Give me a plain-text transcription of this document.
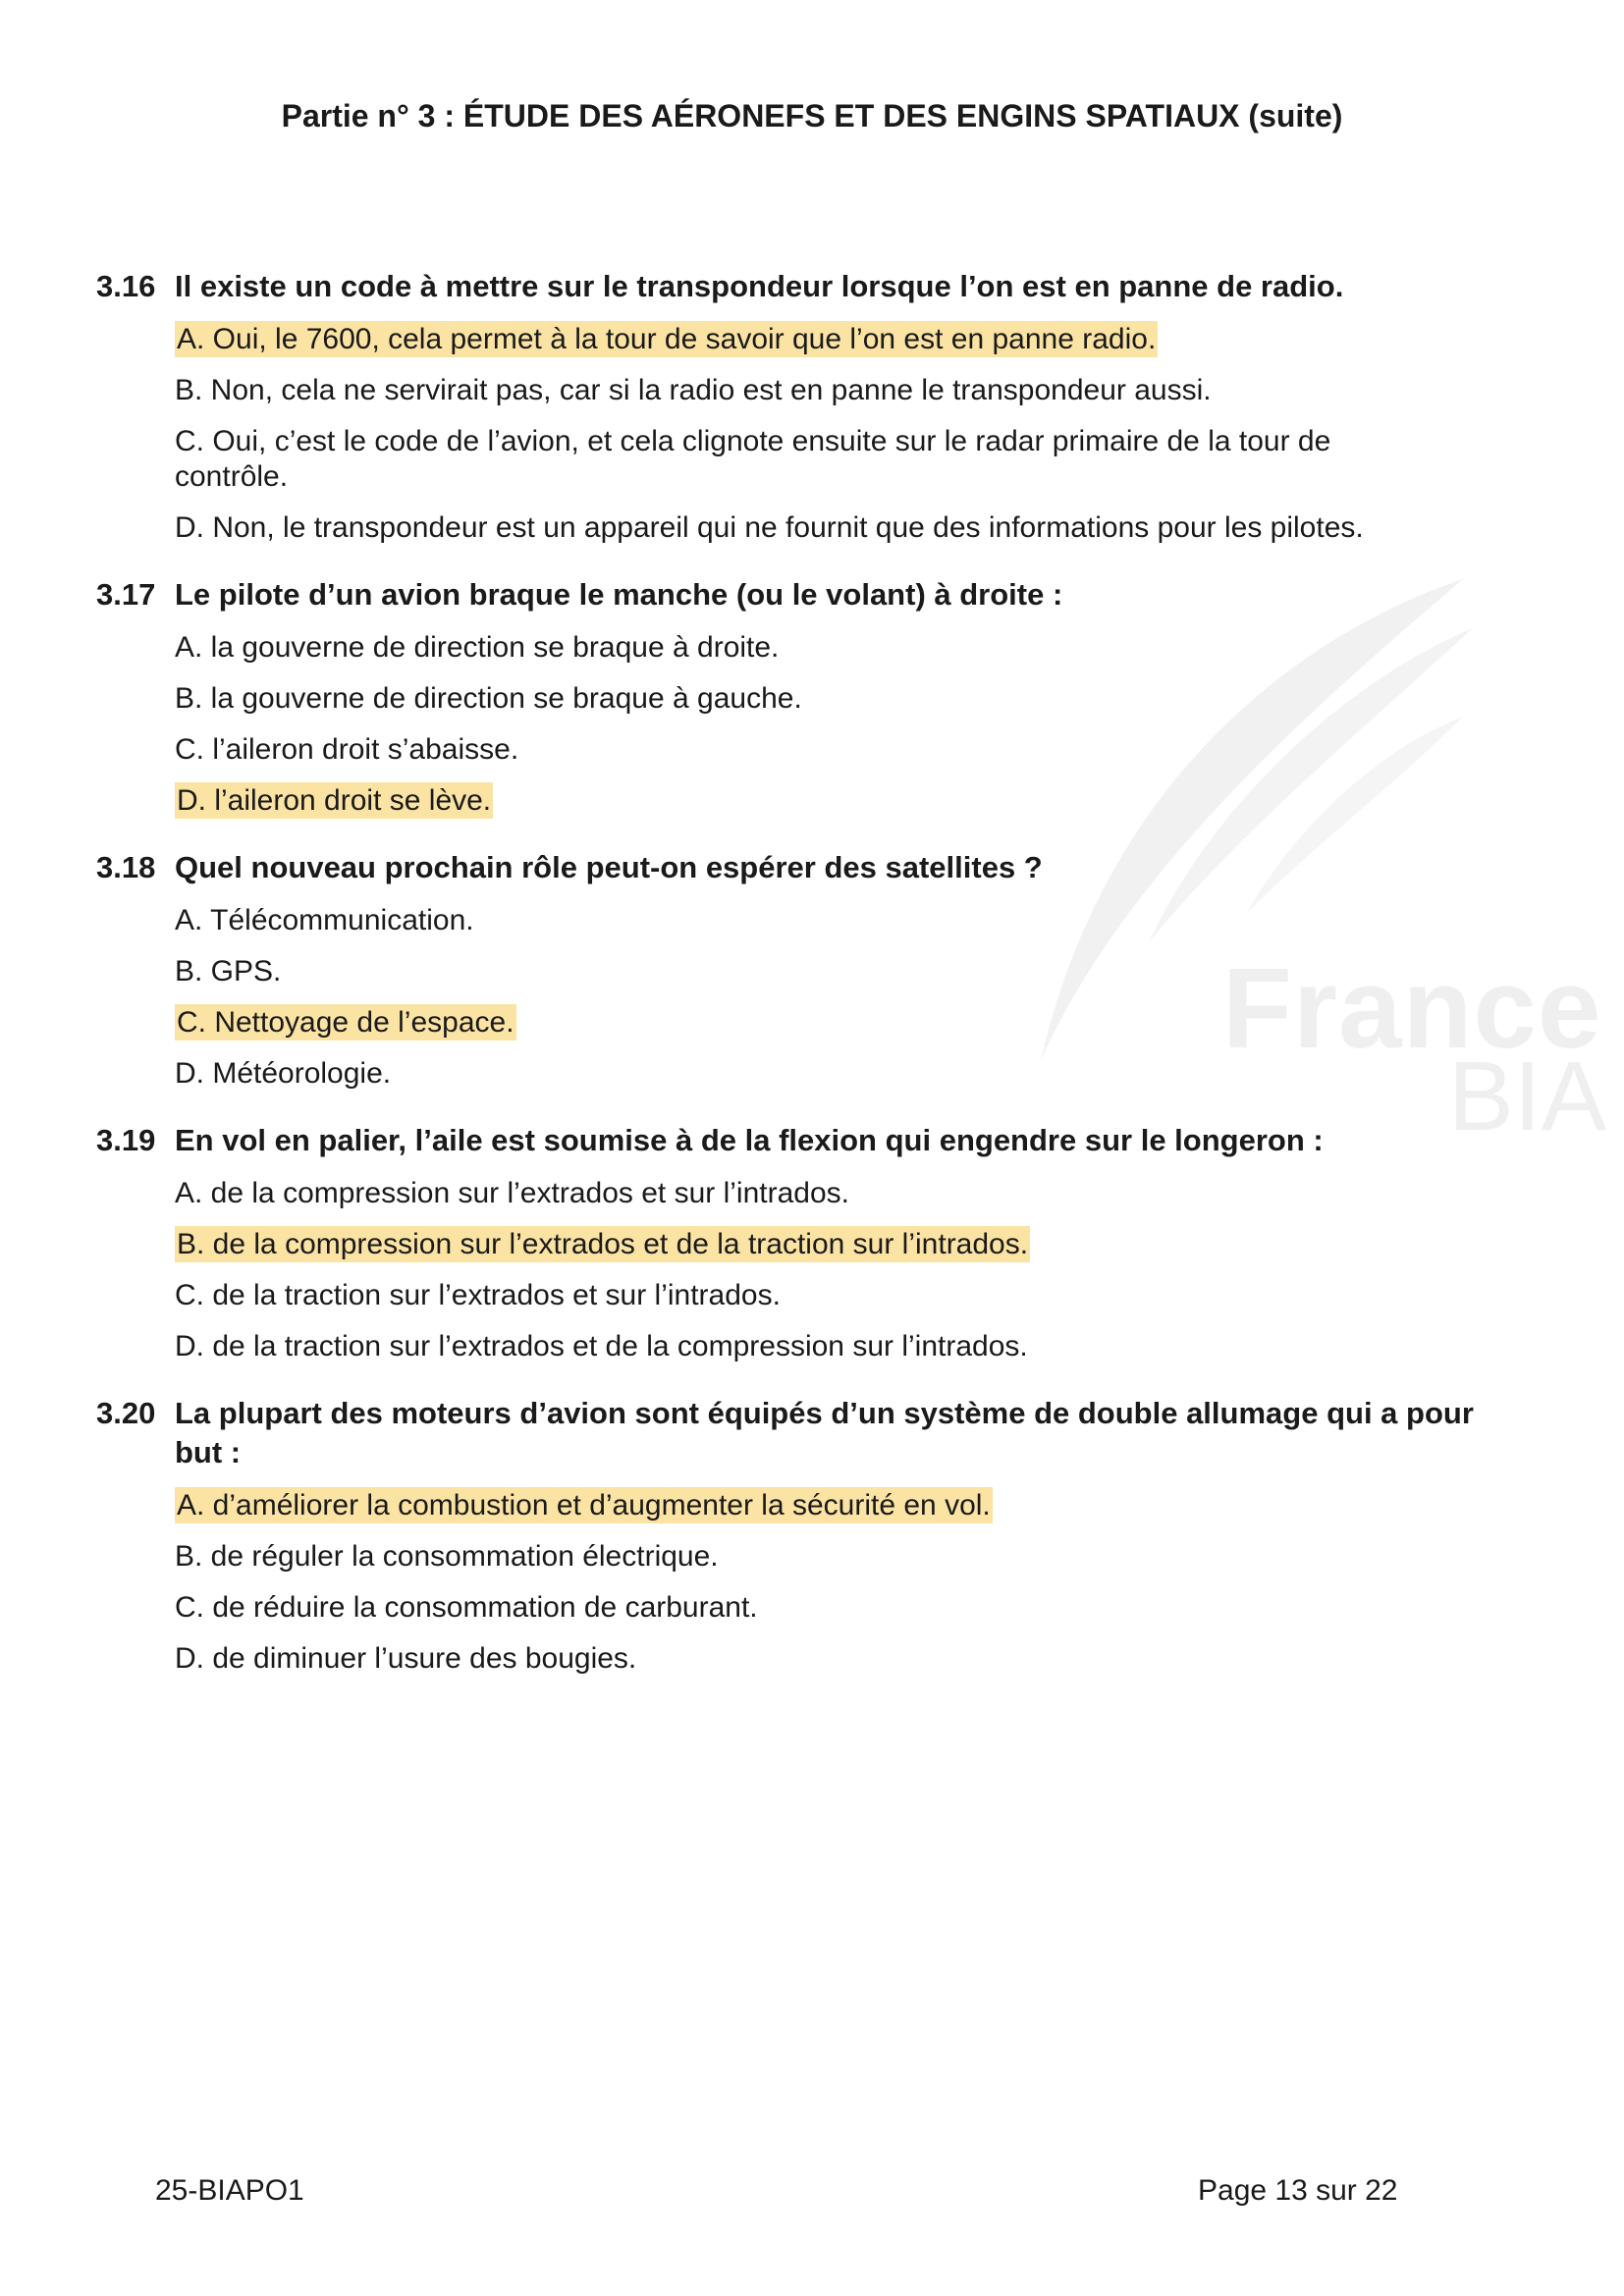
Partie n° 3 : ÉTUDE DES AÉRONEFS ET DES ENGINS SPATIAUX (suite)
France
BIA
3.16 Il existe un code à mettre sur le transpondeur lorsque l’on est en panne de radio.
A. Oui, le 7600, cela permet à la tour de savoir que l’on est en panne radio.
B. Non, cela ne servirait pas, car si la radio est en panne le transpondeur aussi.
C. Oui, c’est le code de l’avion, et cela clignote ensuite sur le radar primaire de la tour de contrôle.
D. Non, le transpondeur est un appareil qui ne fournit que des informations pour les pilotes.
3.17 Le pilote d’un avion braque le manche (ou le volant) à droite :
A. la gouverne de direction se braque à droite.
B. la gouverne de direction se braque à gauche.
C. l’aileron droit s’abaisse.
D. l’aileron droit se lève.
3.18 Quel nouveau prochain rôle peut-on espérer des satellites ?
A. Télécommunication.
B. GPS.
C. Nettoyage de l’espace.
D. Météorologie.
3.19 En vol en palier, l’aile est soumise à de la flexion qui engendre sur le longeron :
A. de la compression sur l’extrados et sur l’intrados.
B. de la compression sur l’extrados et de la traction sur l’intrados.
C. de la traction sur l’extrados et sur l’intrados.
D. de la traction sur l’extrados et de la compression sur l’intrados.
3.20 La plupart des moteurs d’avion sont équipés d’un système de double allumage qui a pour but :
A. d’améliorer la combustion et d’augmenter la sécurité en vol.
B. de réguler la consommation électrique.
C. de réduire la consommation de carburant.
D. de diminuer l’usure des bougies.
25-BIAPO1	Page 13 sur 22
